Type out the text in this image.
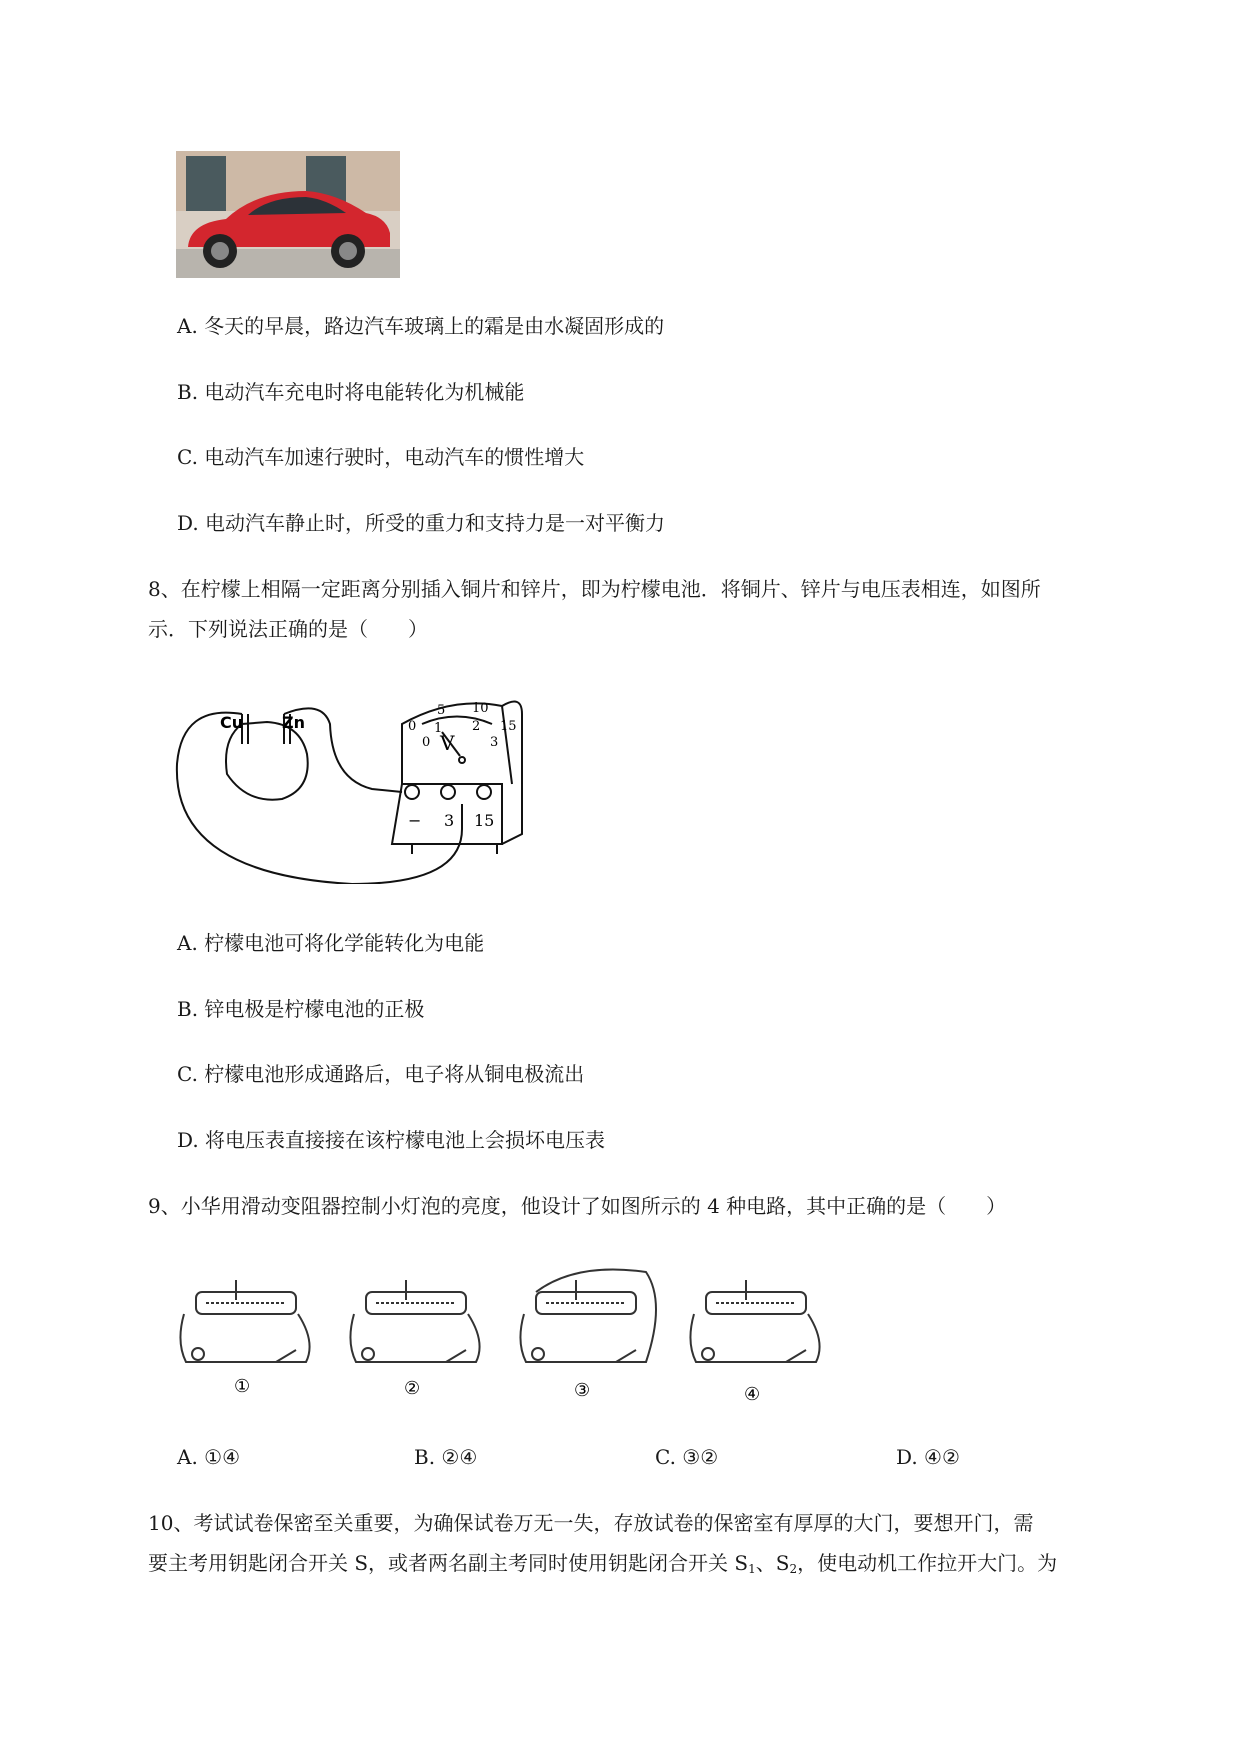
A. 冬天的早晨，路边汽车玻璃上的霜是由水凝固形成的
B. 电动汽车充电时将电能转化为机械能
C. 电动汽车加速行驶时，电动汽车的惯性增大
D. 电动汽车静止时，所受的重力和支持力是一对平衡力
8、在柠檬上相隔一定距离分别插入铜片和锌片，即为柠檬电池．将铜片、锌片与电压表相连，如图所
示．下列说法正确的是（　　）
Cu Zn
V
− 3 15
0
5 10
15
1 2
0	3
A. 柠檬电池可将化学能转化为电能
B. 锌电极是柠檬电池的正极
C. 柠檬电池形成通路后，电子将从铜电极流出
D. 将电压表直接接在该柠檬电池上会损坏电压表
9、小华用滑动变阻器控制小灯泡的亮度，他设计了如图所示的 4 种电路，其中正确的是（　　）
①	②	③	④
A. ①④	B. ②④	C. ③②	D. ④②
10、考试试卷保密至关重要，为确保试卷万无一失，存放试卷的保密室有厚厚的大门，要想开门，需
要主考用钥匙闭合开关 S，或者两名副主考同时使用钥匙闭合开关 $S_1$、$S_2$，使电动机工作拉开大门。为
